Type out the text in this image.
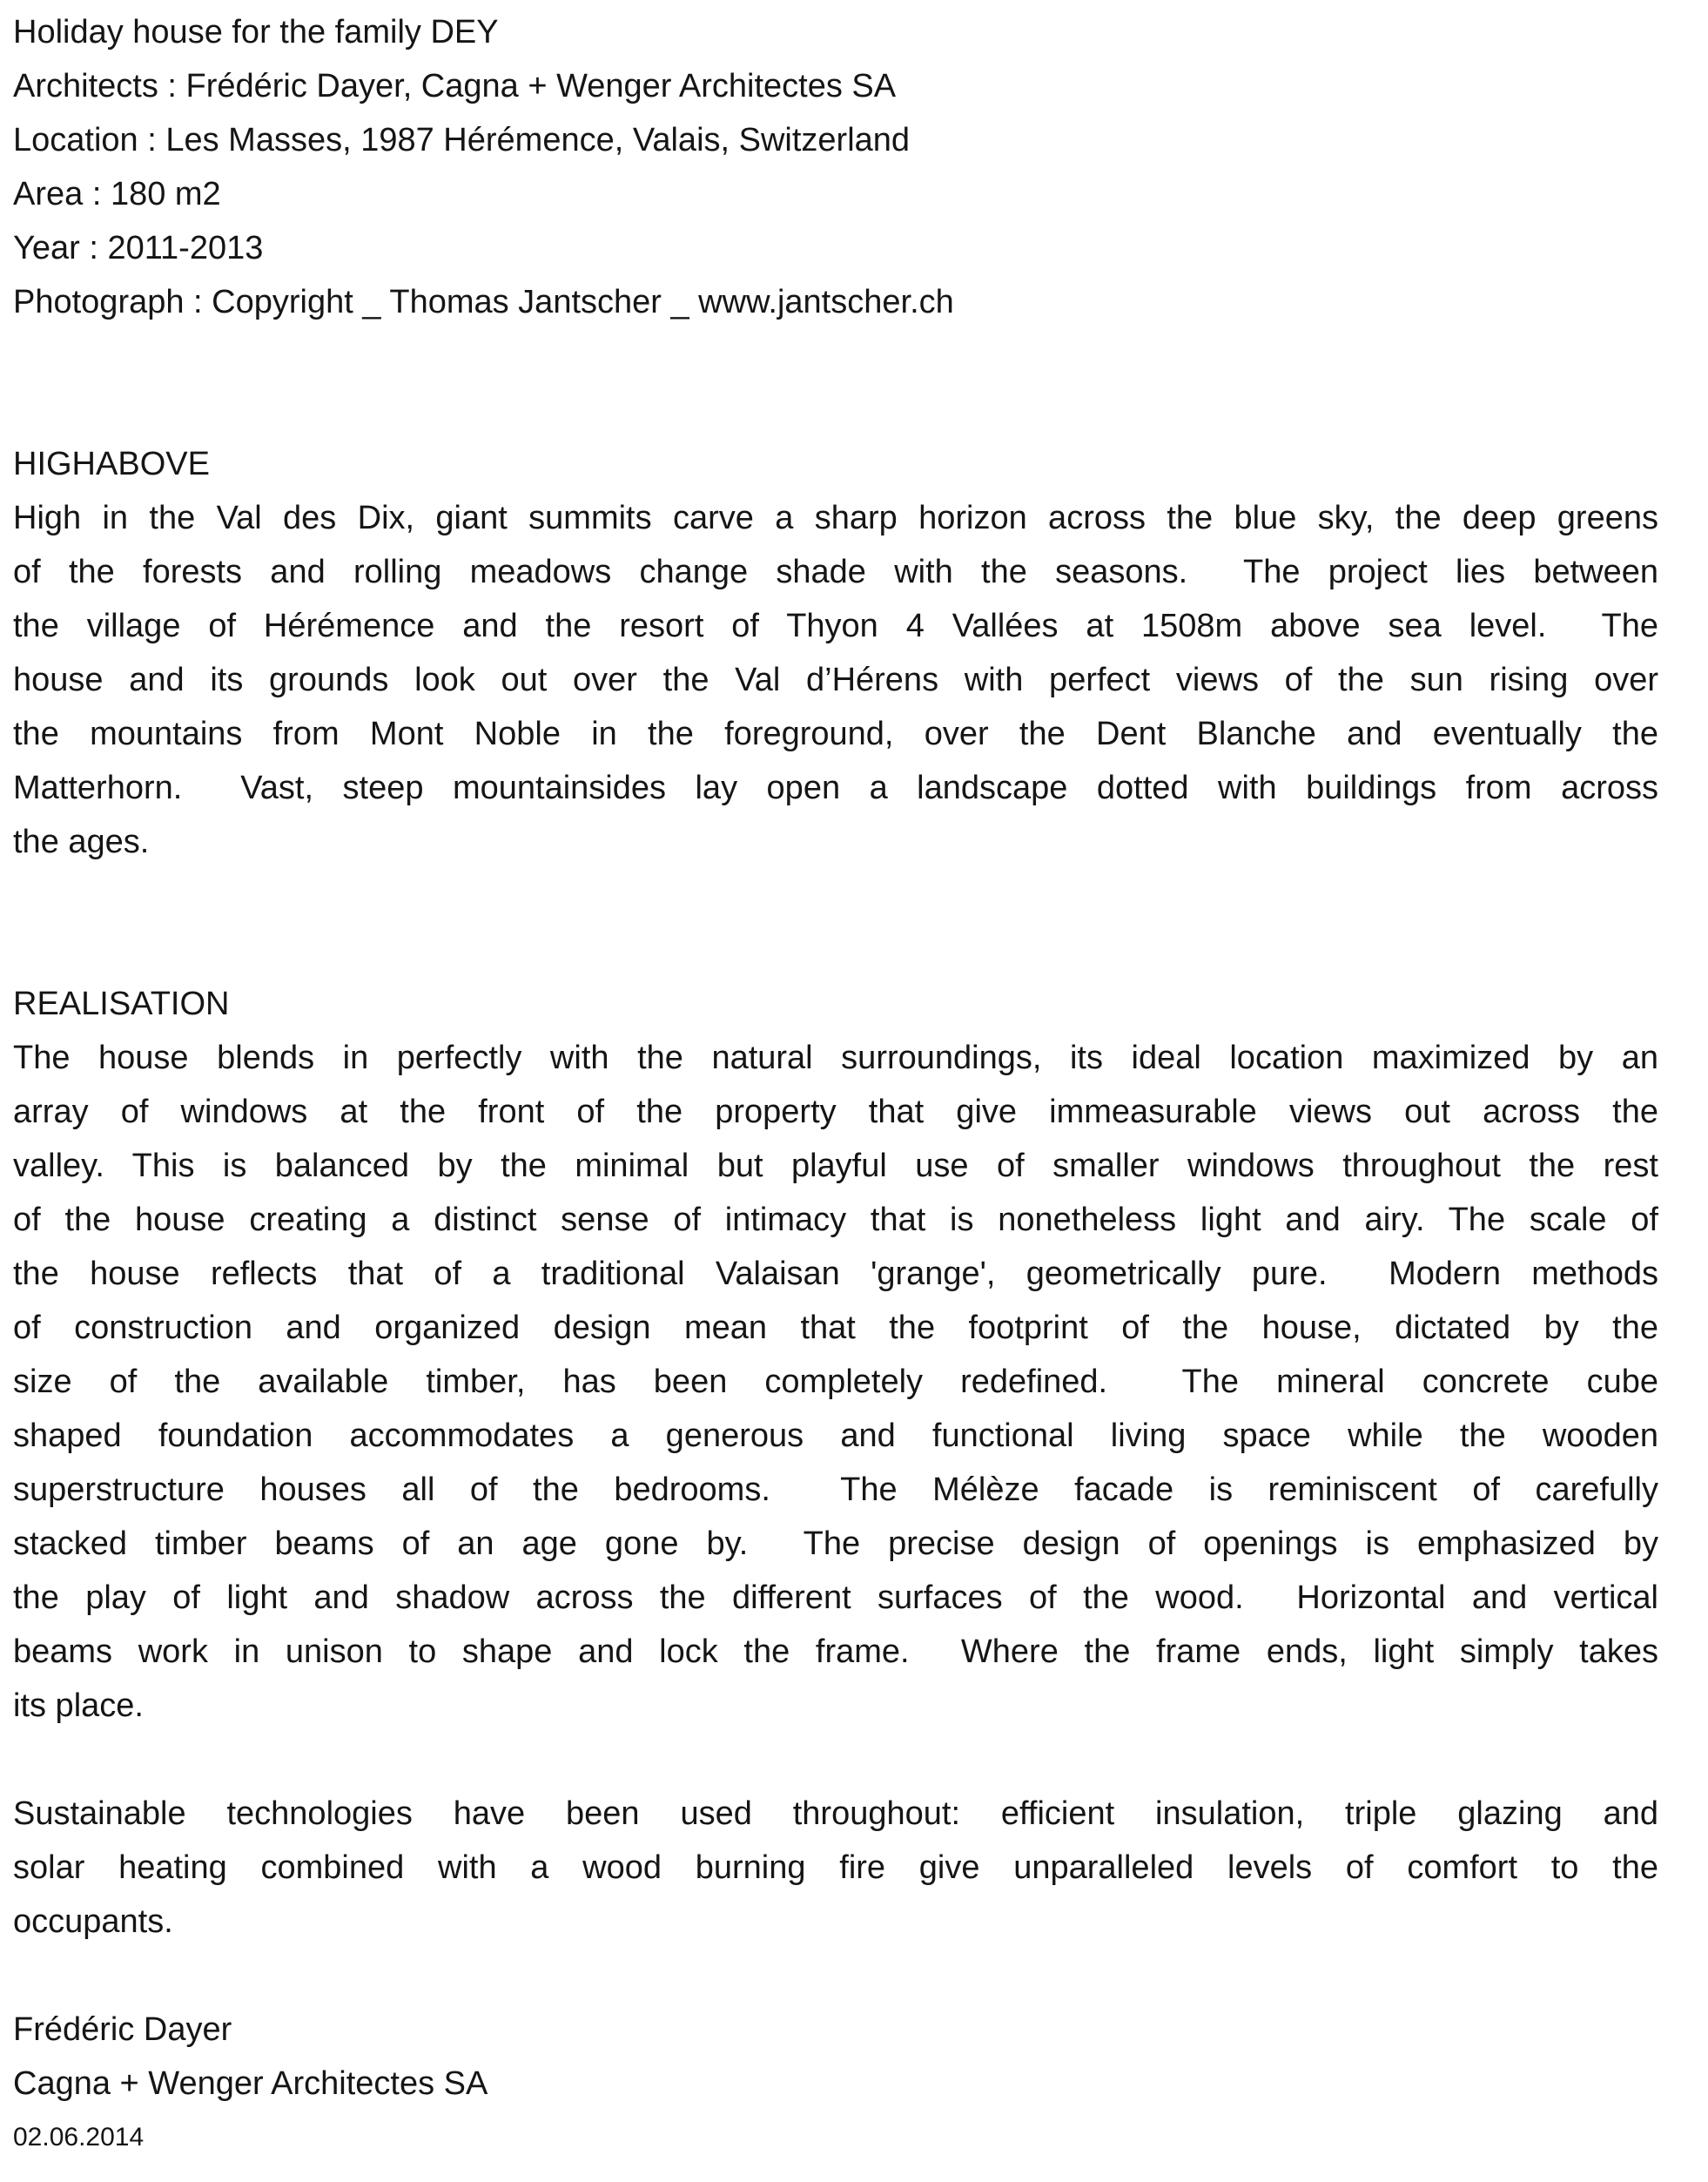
Holiday house for the family DEY
Architects : Frédéric Dayer, Cagna + Wenger Architectes SA
Location : Les Masses, 1987 Hérémence, Valais, Switzerland
Area : 180 m2
Year : 2011-2013
Photograph : Copyright _ Thomas Jantscher _ www.jantscher.ch
HIGHABOVE
High in the Val des Dix, giant summits carve a sharp horizon across the blue sky, the deep greens
of the forests and rolling meadows change shade with the seasons.  The project lies between
the village of Hérémence and the resort of Thyon 4 Vallées at 1508m above sea level.  The
house and its grounds look out over the Val d’Hérens with perfect views of the sun rising over
the mountains from Mont Noble in the foreground, over the Dent Blanche and eventually the
Matterhorn.  Vast, steep mountainsides lay open a landscape dotted with buildings from across
the ages.
REALISATION
The house blends in perfectly with the natural surroundings, its ideal location maximized by an
array of windows at the front of the property that give immeasurable views out across the
valley. This is balanced by the minimal but playful use of smaller windows throughout the rest
of the house creating a distinct sense of intimacy that is nonetheless light and airy. The scale of
the house reflects that of a traditional Valaisan 'grange', geometrically pure.  Modern methods
of construction and organized design mean that the footprint of the house, dictated by the
size of the available timber, has been completely redefined.  The mineral concrete cube
shaped foundation accommodates a generous and functional living space while the wooden
superstructure houses all of the bedrooms.  The Mélèze facade is reminiscent of carefully
stacked timber beams of an age gone by.  The precise design of openings is emphasized by
the play of light and shadow across the different surfaces of the wood.  Horizontal and vertical
beams work in unison to shape and lock the frame.  Where the frame ends, light simply takes
its place.
Sustainable technologies have been used throughout: efficient insulation, triple glazing and
solar heating combined with a wood burning fire give unparalleled levels of comfort to the
occupants.
Frédéric Dayer
Cagna + Wenger Architectes SA
02.06.2014
